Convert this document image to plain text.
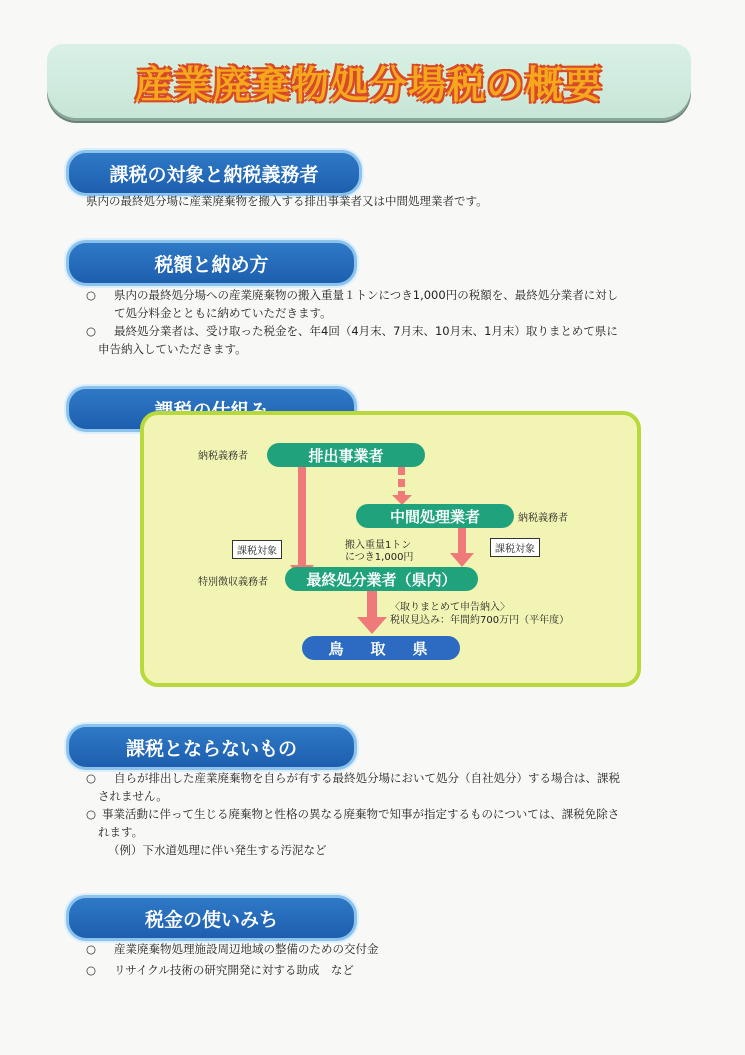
産業廃棄物処分場税の概要
課税の対象と納税義務者
県内の最終処分場に産業廃棄物を搬入する排出事業者又は中間処理業者です。
税額と納め方
○ 県内の最終処分場への産業廃棄物の搬入重量１トンにつき1,000円の税額を、最終処分業者に対し
て処分料金とともに納めていただきます。
○ 最終処分業者は、受け取った税金を、年4回（4月末、7月末、10月末、1月末）取りまとめて県に
申告納入していただきます。
納税義務者	排出事業者
中間処理業者	納税義務者
課税対象	課税対象
搬入重量1トン
につき1,000円
特別徴収義務者	最終処分業者（県内）
〈取りまとめて申告納入〉
税収見込み：年間約700万円（平年度）
鳥　取　県
課税とならないもの
○ 自らが排出した産業廃棄物を自らが有する最終処分場において処分（自社処分）する場合は、課税
されません。
○ 事業活動に伴って生じる廃棄物と性格の異なる廃棄物で知事が指定するものについては、課税免除さ
れます。
（例）下水道処理に伴い発生する汚泥など
税金の使いみち
○ 産業廃棄物処理施設周辺地域の整備のための交付金
○ リサイクル技術の研究開発に対する助成　など
